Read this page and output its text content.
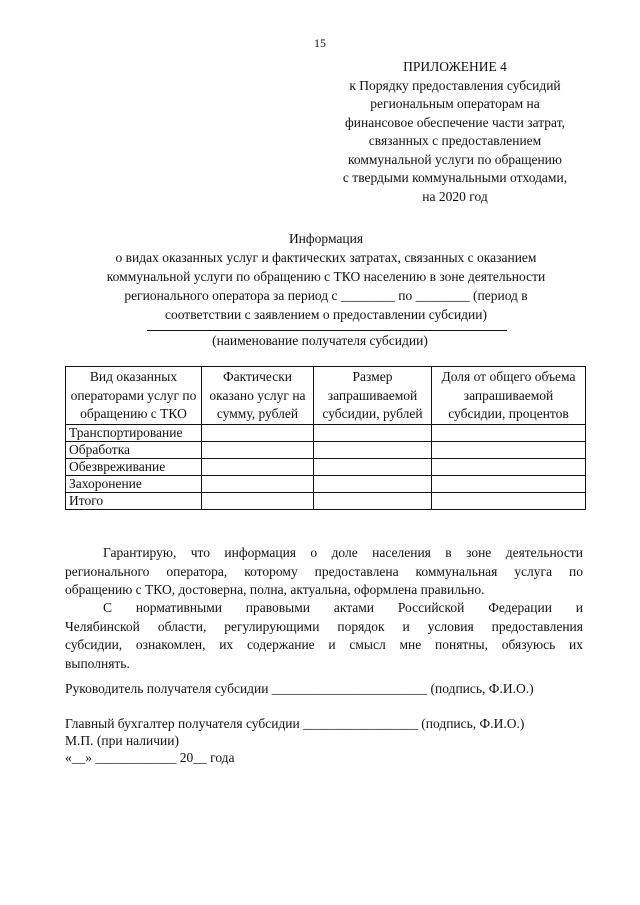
15
ПРИЛОЖЕНИЕ 4
к Порядку предоставления субсидий
региональным операторам на
финансовое обеспечение части затрат,
связанных с предоставлением
коммунальной услуги по обращению
с твердыми коммунальными отходами,
на 2020 год
Информация
о видах оказанных услуг и фактических затратах, связанных с оказанием
коммунальной услуги по обращению с ТКО населению в зоне деятельности
регионального оператора за период с ________ по ________ (период в
соответствии с заявлением о предоставлении субсидии)
(наименование получателя субсидии)
Вид оказанных операторами услуг по обращению с ТКО	Фактически оказано услуг на сумму, рублей	Размер запрашиваемой субсидии, рублей	Доля от общего объема запрашиваемой субсидии, процентов
Транспортирование			
Обработка			
Обезвреживание			
Захоронение			
Итого			
Гарантирую, что информация о доле населения в зоне деятельности
регионального оператора, которому предоставлена коммунальная услуга по
обращению с ТКО, достоверна, полна, актуальна, оформлена правильно.
С нормативными правовыми актами Российской Федерации и
Челябинской области, регулирующими порядок и условия предоставления
субсидии, ознакомлен, их содержание и смысл мне понятны, обязуюсь их
выполнять.
Руководитель получателя субсидии _______________________ (подпись, Ф.И.О.)
Главный бухгалтер получателя субсидии _________________ (подпись, Ф.И.О.)
М.П. (при наличии)
«__» ____________ 20__ года
